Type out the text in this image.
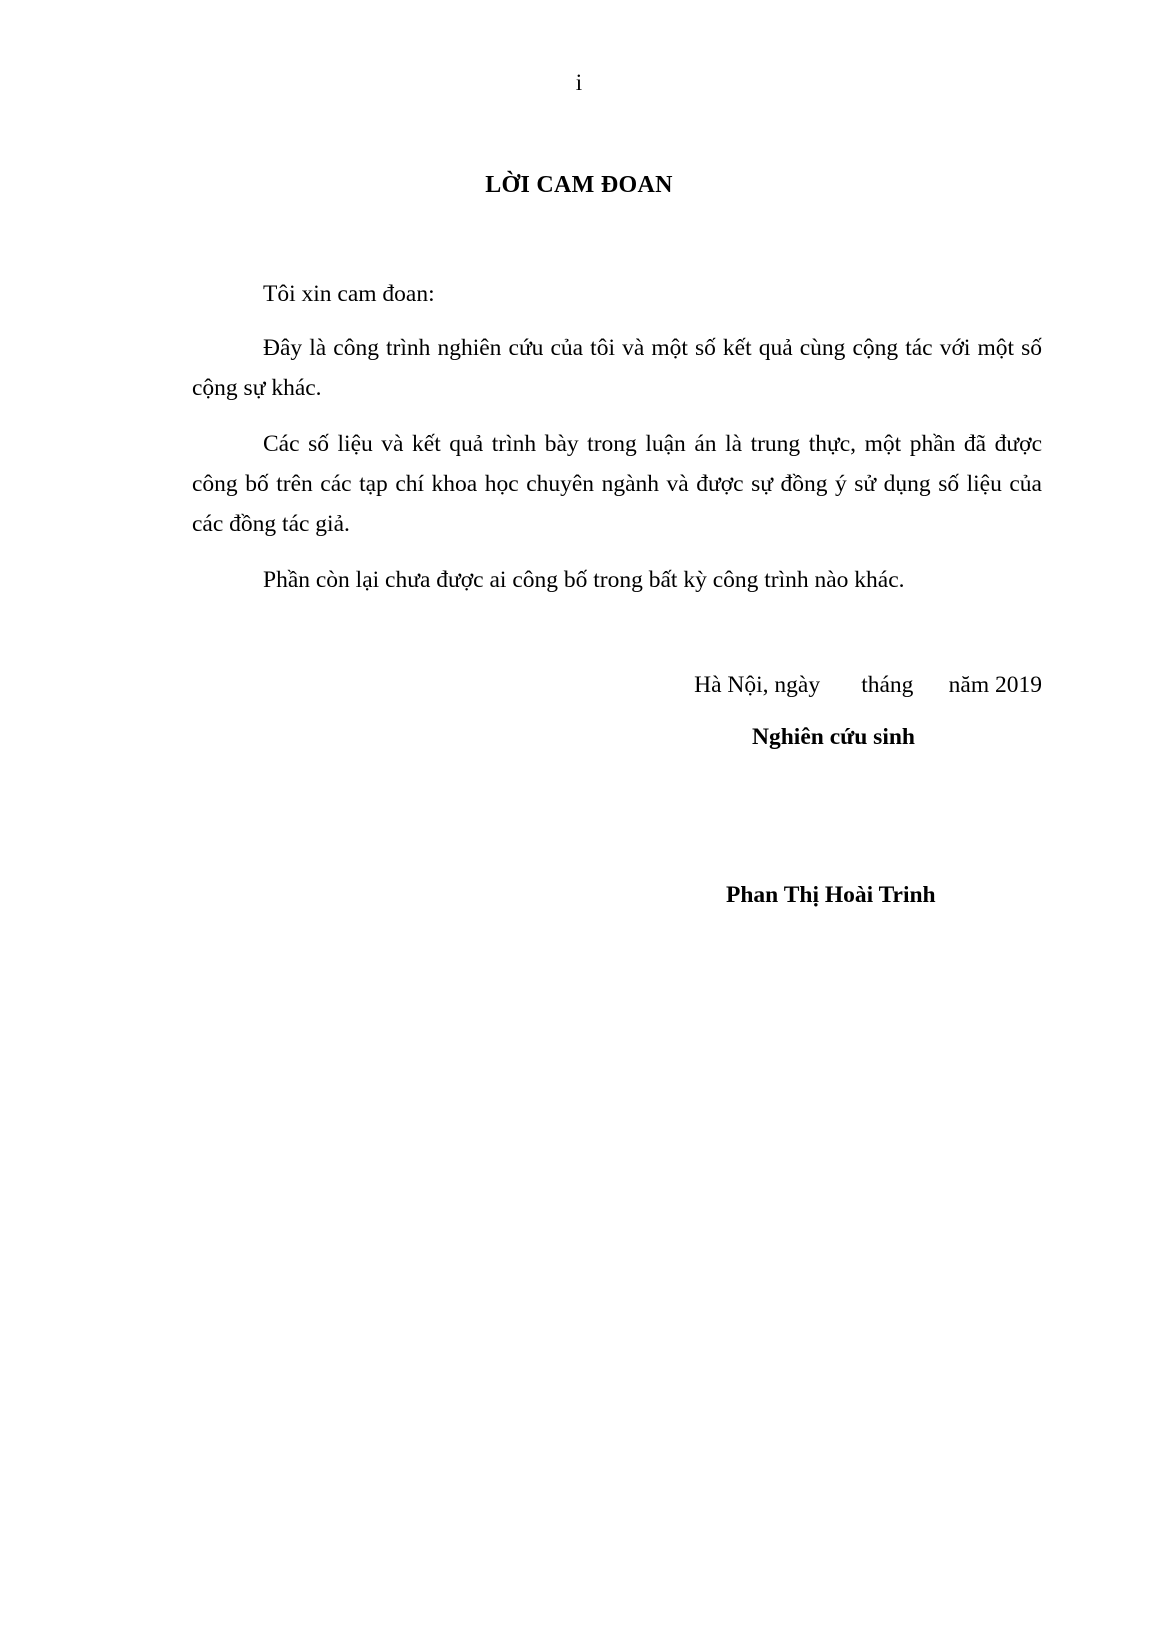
i
LỜI CAM ĐOAN

Tôi xin cam đoan:

Đây là công trình nghiên cứu của tôi và một số kết quả cùng cộng tác với một số cộng sự khác.

Các số liệu và kết quả trình bày trong luận án là trung thực, một phần đã được công bố trên các tạp chí khoa học chuyên ngành và được sự đồng ý sử dụng số liệu của các đồng tác giả.

Phần còn lại chưa được ai công bố trong bất kỳ công trình nào khác.

Hà Nội, ngày       tháng      năm 2019
Nghiên cứu sinh
Phan Thị Hoài Trinh
